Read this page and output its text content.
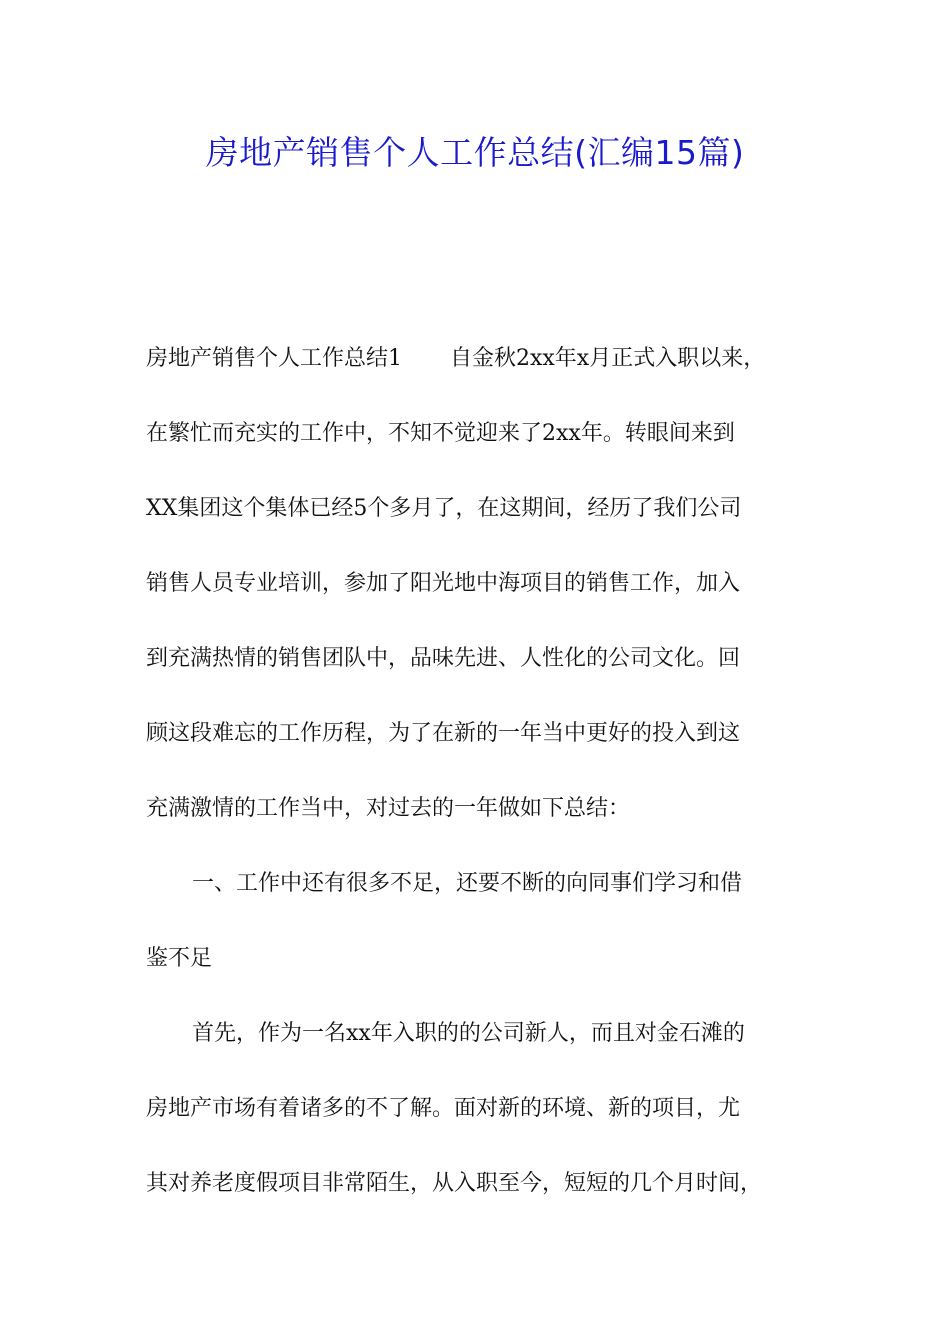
房地产销售个人工作总结(汇编15篇)
房地产销售个人工作总结1 自金秋2xx年x月正式入职以来，
在繁忙而充实的工作中，不知不觉迎来了2xx年。转眼间来到
XX集团这个集体已经5个多月了，在这期间，经历了我们公司
销售人员专业培训，参加了阳光地中海项目的销售工作，加入
到充满热情的销售团队中，品味先进、人性化的公司文化。回
顾这段难忘的工作历程，为了在新的一年当中更好的投入到这
充满激情的工作当中，对过去的一年做如下总结：
一、工作中还有很多不足，还要不断的向同事们学习和借
鉴不足
首先，作为一名xx年入职的的公司新人，而且对金石滩的
房地产市场有着诸多的不了解。面对新的环境、新的项目，尤
其对养老度假项目非常陌生，从入职至今，短短的几个月时间，
